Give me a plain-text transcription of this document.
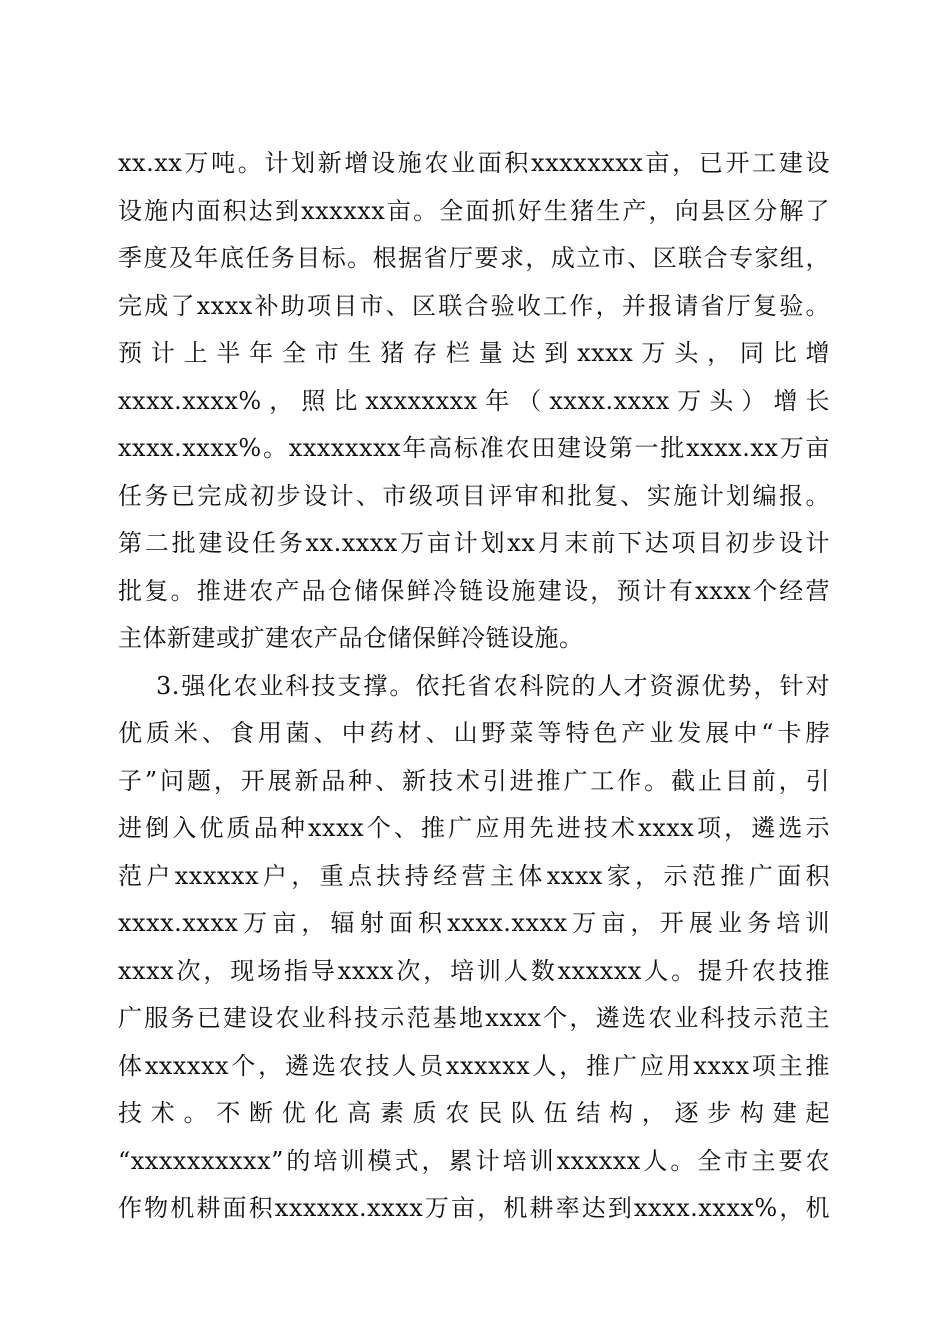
xx.xx万吨。计划新增设施农业面积xxxxxxxx亩，已开工建设
设施内面积达到xxxxxx亩。全面抓好生猪生产，向县区分解了
季度及年底任务目标。根据省厅要求，成立市、区联合专家组，
完成了xxxx补助项目市、区联合验收工作，并报请省厅复验。
预计上半年全市生猪存栏量达到xxxx万头，同比增
xxxx.xxxx%，照比xxxxxxxx年（xxxx.xxxx万头）增长
xxxx.xxxx%。xxxxxxxx年高标准农田建设第一批xxxx.xx万亩
任务已完成初步设计、市级项目评审和批复、实施计划编报。
第二批建设任务xx.xxxx万亩计划xx月末前下达项目初步设计
批复。推进农产品仓储保鲜冷链设施建设，预计有xxxx个经营
主体新建或扩建农产品仓储保鲜冷链设施。
3.强化农业科技支撑。依托省农科院的人才资源优势，针对
优质米、食用菌、中药材、山野菜等特色产业发展中“卡脖
子”问题，开展新品种、新技术引进推广工作。截止目前，引
进倒入优质品种xxxx个、推广应用先进技术xxxx项，遴选示
范户xxxxxx户，重点扶持经营主体xxxx家，示范推广面积
xxxx.xxxx万亩，辐射面积xxxx.xxxx万亩，开展业务培训
xxxx次，现场指导xxxx次，培训人数xxxxxx人。提升农技推
广服务已建设农业科技示范基地xxxx个，遴选农业科技示范主
体xxxxxx个，遴选农技人员xxxxxx人，推广应用xxxx项主推
技术。不断优化高素质农民队伍结构，逐步构建起
“xxxxxxxxxx”的培训模式，累计培训xxxxxx人。全市主要农
作物机耕面积xxxxxx.xxxx万亩，机耕率达到xxxx.xxxx%，机
